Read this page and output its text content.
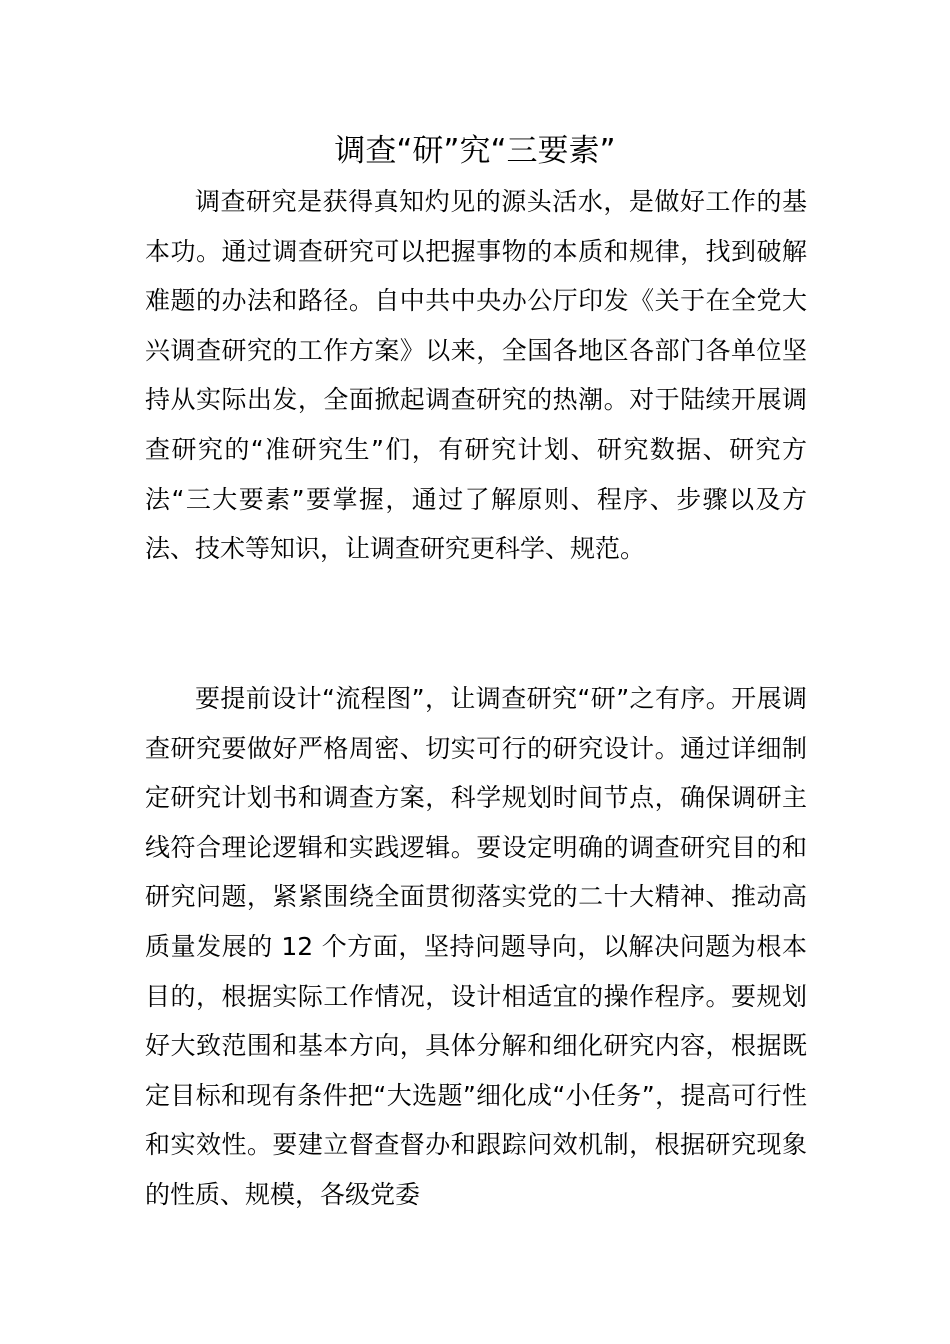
调查“研”究“三要素”

调查研究是获得真知灼见的源头活水，是做好工作的基本功。通过调查研究可以把握事物的本质和规律，找到破解难题的办法和路径。自中共中央办公厅印发《关于在全党大兴调查研究的工作方案》以来，全国各地区各部门各单位坚持从实际出发，全面掀起调查研究的热潮。对于陆续开展调查研究的“准研究生”们，有研究计划、研究数据、研究方法“三大要素”要掌握，通过了解原则、程序、步骤以及方法、技术等知识，让调查研究更科学、规范。

要提前设计“流程图”，让调查研究“研”之有序。开展调查研究要做好严格周密、切实可行的研究设计。通过详细制定研究计划书和调查方案，科学规划时间节点，确保调研主线符合理论逻辑和实践逻辑。要设定明确的调查研究目的和研究问题，紧紧围绕全面贯彻落实党的二十大精神、推动高质量发展的 12 个方面，坚持问题导向，以解决问题为根本目的，根据实际工作情况，设计相适宜的操作程序。要规划好大致范围和基本方向，具体分解和细化研究内容，根据既定目标和现有条件把“大选题”细化成“小任务”，提高可行性和实效性。要建立督查督办和跟踪问效机制，根据研究现象的性质、规模，各级党委
